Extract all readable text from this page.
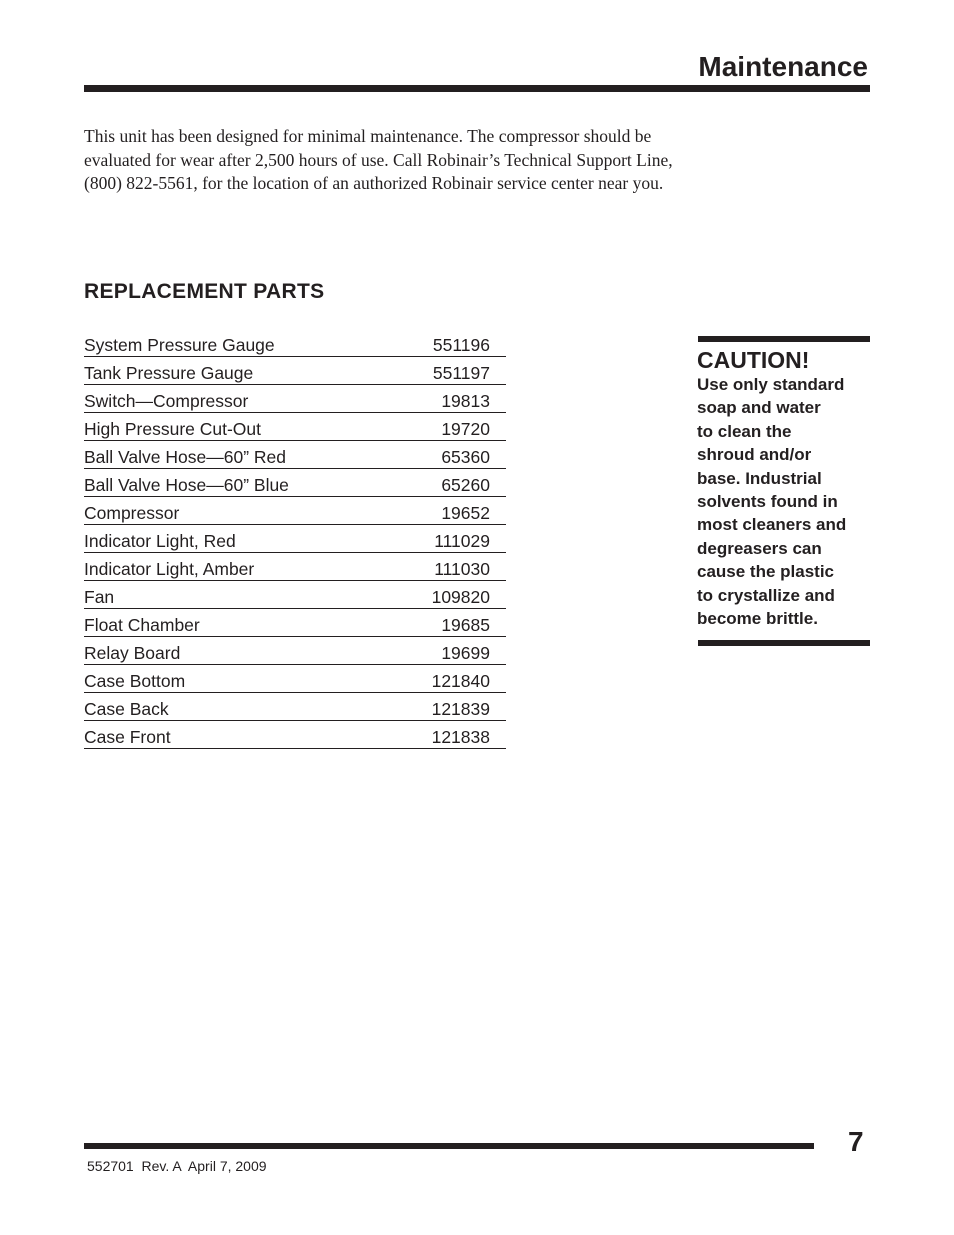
Maintenance

This unit has been designed for minimal maintenance. The compressor should be evaluated for wear after 2,500 hours of use. Call Robinair’s Technical Support Line, (800) 822-5561, for the location of an authorized Robinair service center near you.

REPLACEMENT PARTS
System Pressure Gauge	551196
Tank Pressure Gauge	551197
Switch—Compressor	19813
High Pressure Cut-Out	19720
Ball Valve Hose—60” Red	65360
Ball Valve Hose—60” Blue	65260
Compressor	19652
Indicator Light, Red	111029
Indicator Light, Amber	111030
Fan	109820
Float Chamber	19685
Relay Board	19699
Case Bottom	121840
Case Back	121839
Case Front	121838
CAUTION!
Use only standard
soap and water
to clean the
shroud and/or
base. Industrial
solvents found in
most cleaners and
degreasers can
cause the plastic
to crystallize and
become brittle.
7
552701  Rev. A  April 7, 2009
